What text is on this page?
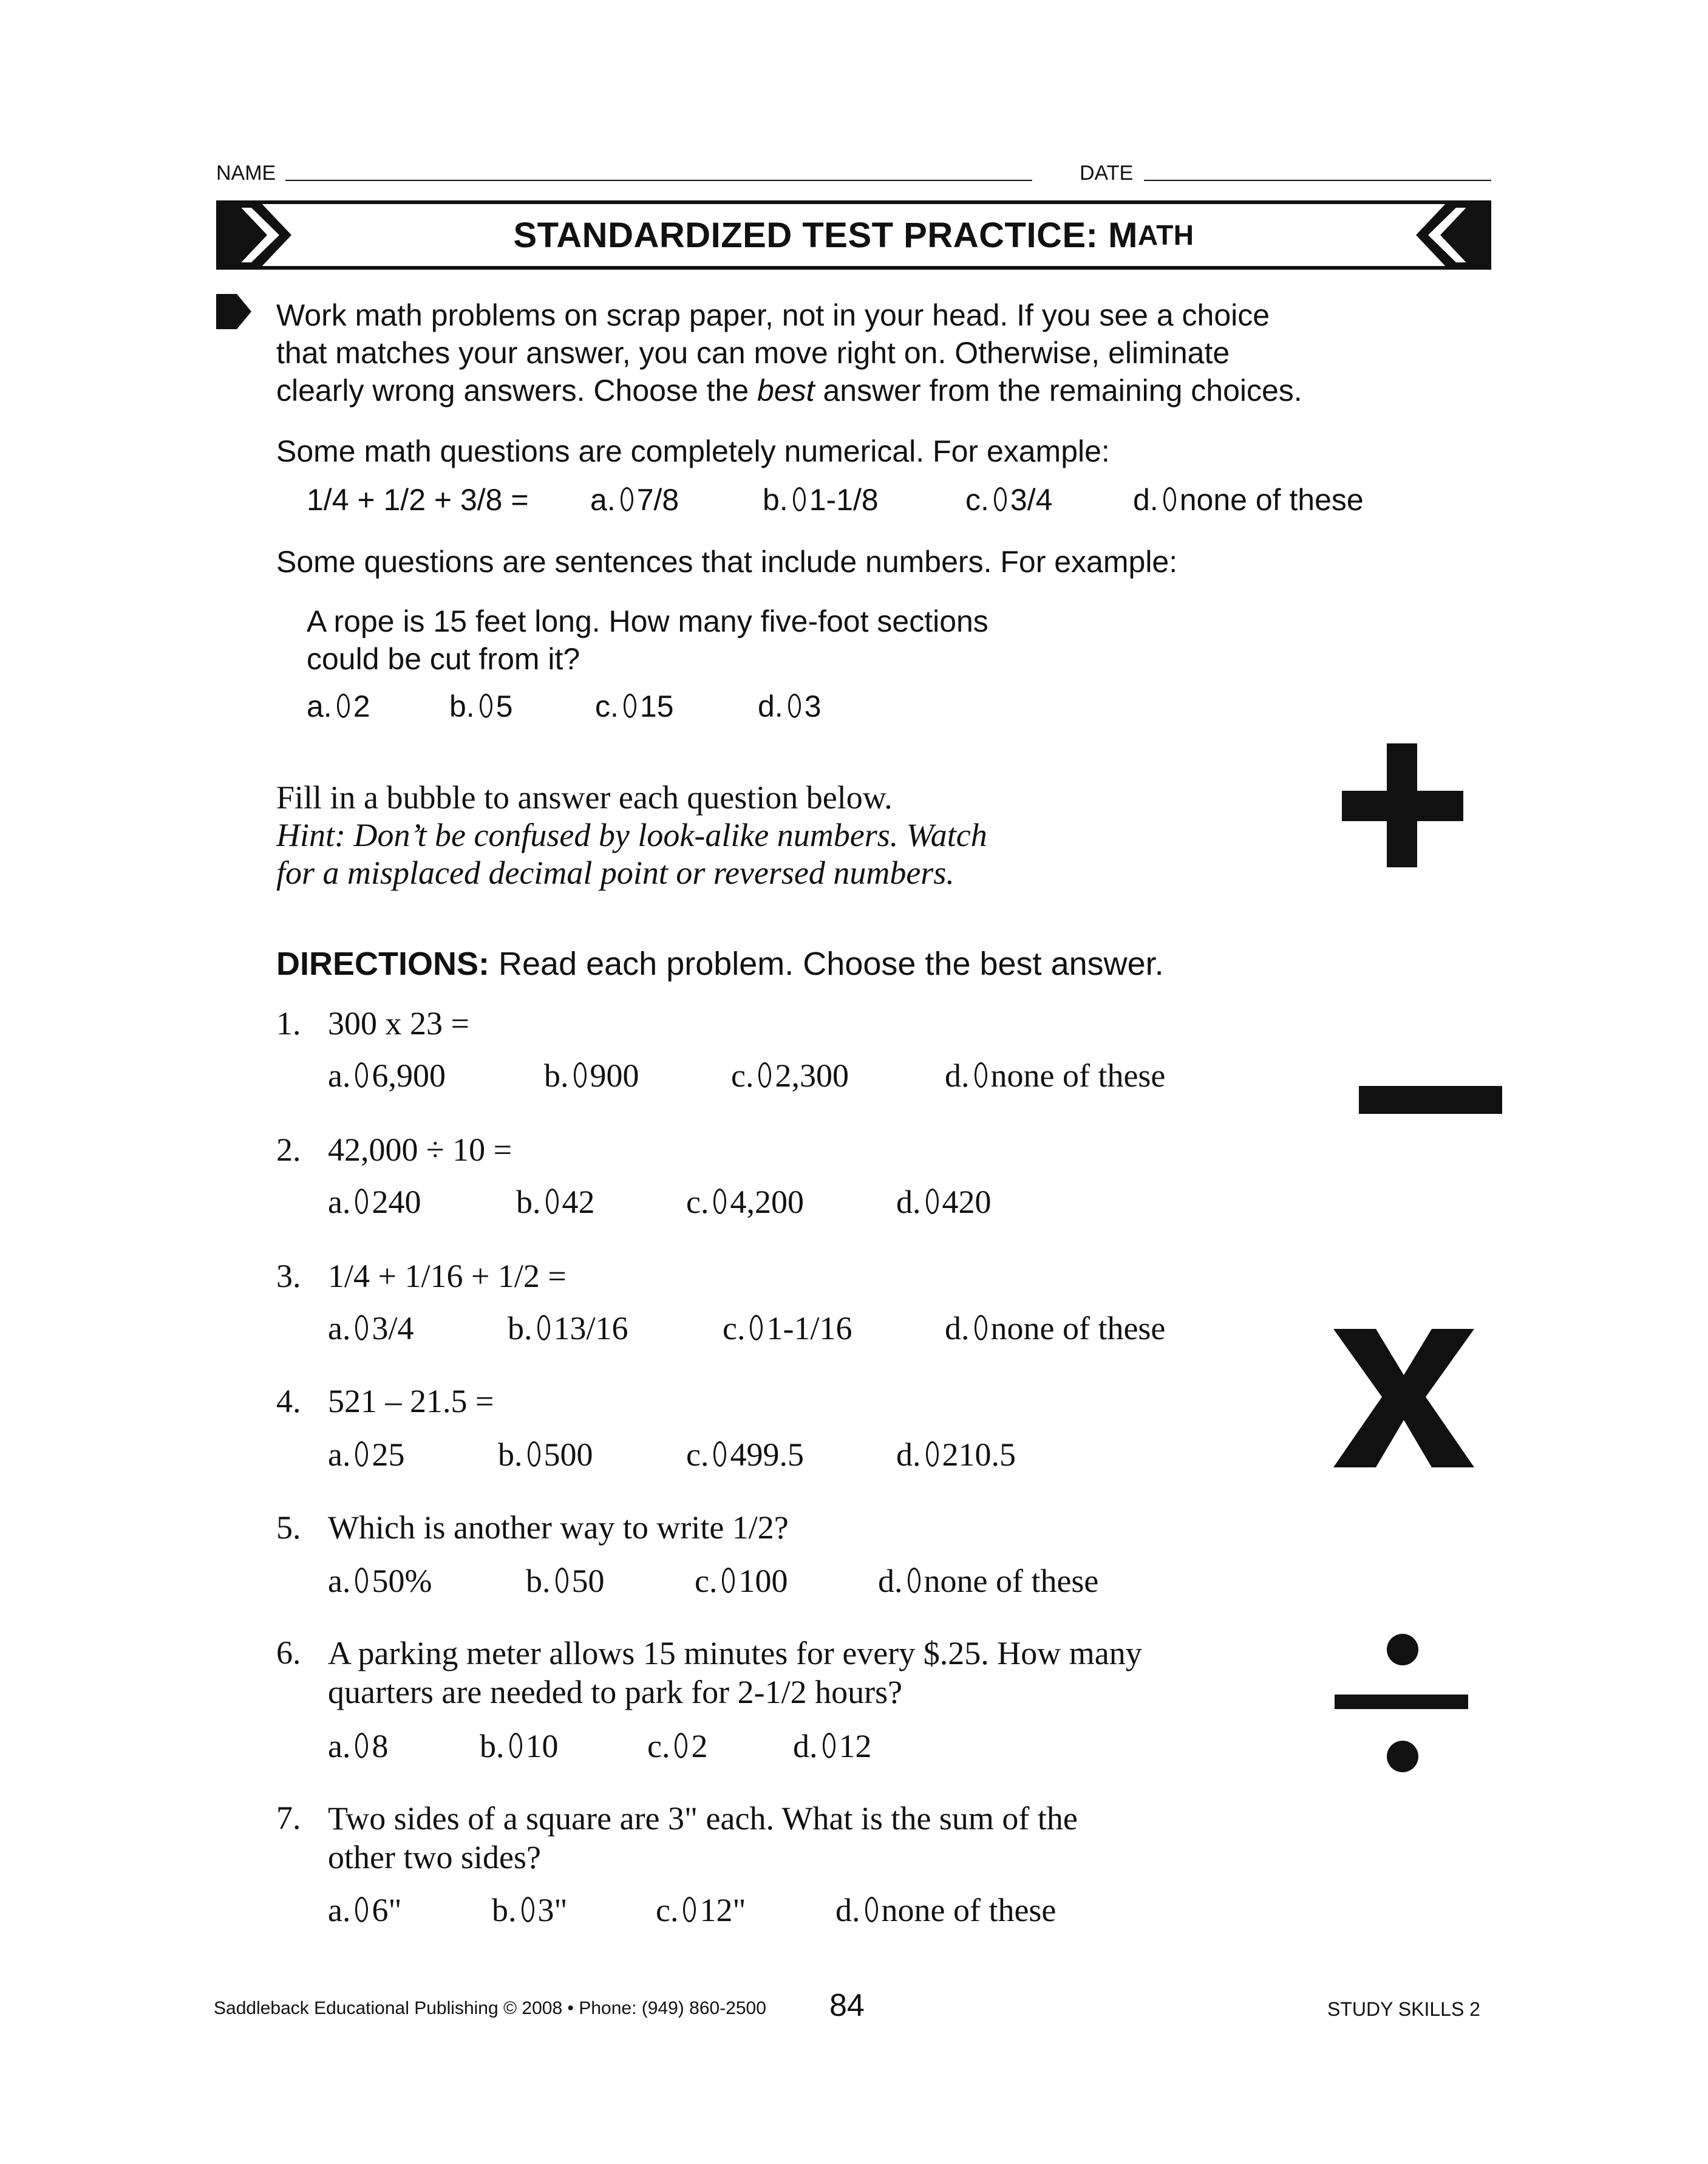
NAME	DATE
STANDARDIZED TEST PRACTICE: M ATH
Work math problems on scrap paper, not in your head. If you see a choice
that matches your answer, you can move right on. Otherwise, eliminate
clearly wrong answers. Choose the best answer from the remaining choices.
Some math questions are completely numerical. For example:
1/4 + 1/2 + 3/8 = a. 7/8	b. 1-1/8	c. 3/4	d. none of these
Some questions are sentences that include numbers. For example:
A rope is 15 feet long. How many five-foot sections
could be cut from it?
a. 2	b. 5	c. 15	d. 3
Fill in a bubble to answer each question below.
Hint: Don’t be confused by look-alike numbers. Watch
for a misplaced decimal point or reversed numbers.
DIRECTIONS: Read each problem. Choose the best answer.
1. 300 x 23 =
a. 6,900	b. 900	c. 2,300	d. none of these
2. 42,000 ÷ 10 =
a. 240	b. 42	c. 4,200	d. 420
3. 1/4 + 1/16 + 1/2 =
a. 3/4	b. 13/16	c. 1-1/16	d. none of these
4. 521 – 21.5 =
a. 25	b. 500	c. 499.5	d. 210.5
5. Which is another way to write 1/2?
a. 50%	b. 50	c. 100	d. none of these
6. A parking meter allows 15 minutes for every $.25. How many
quarters are needed to park for 2-1/2 hours?
a. 8	b. 10	c. 2	d. 12
7. Two sides of a square are 3" each. What is the sum of the
other two sides?
a. 6"	b. 3"	c. 12"	d. none of these
Saddleback Educational Publishing © 2008 • Phone: (949) 860-2500 84	STUDY SKILLS 2
